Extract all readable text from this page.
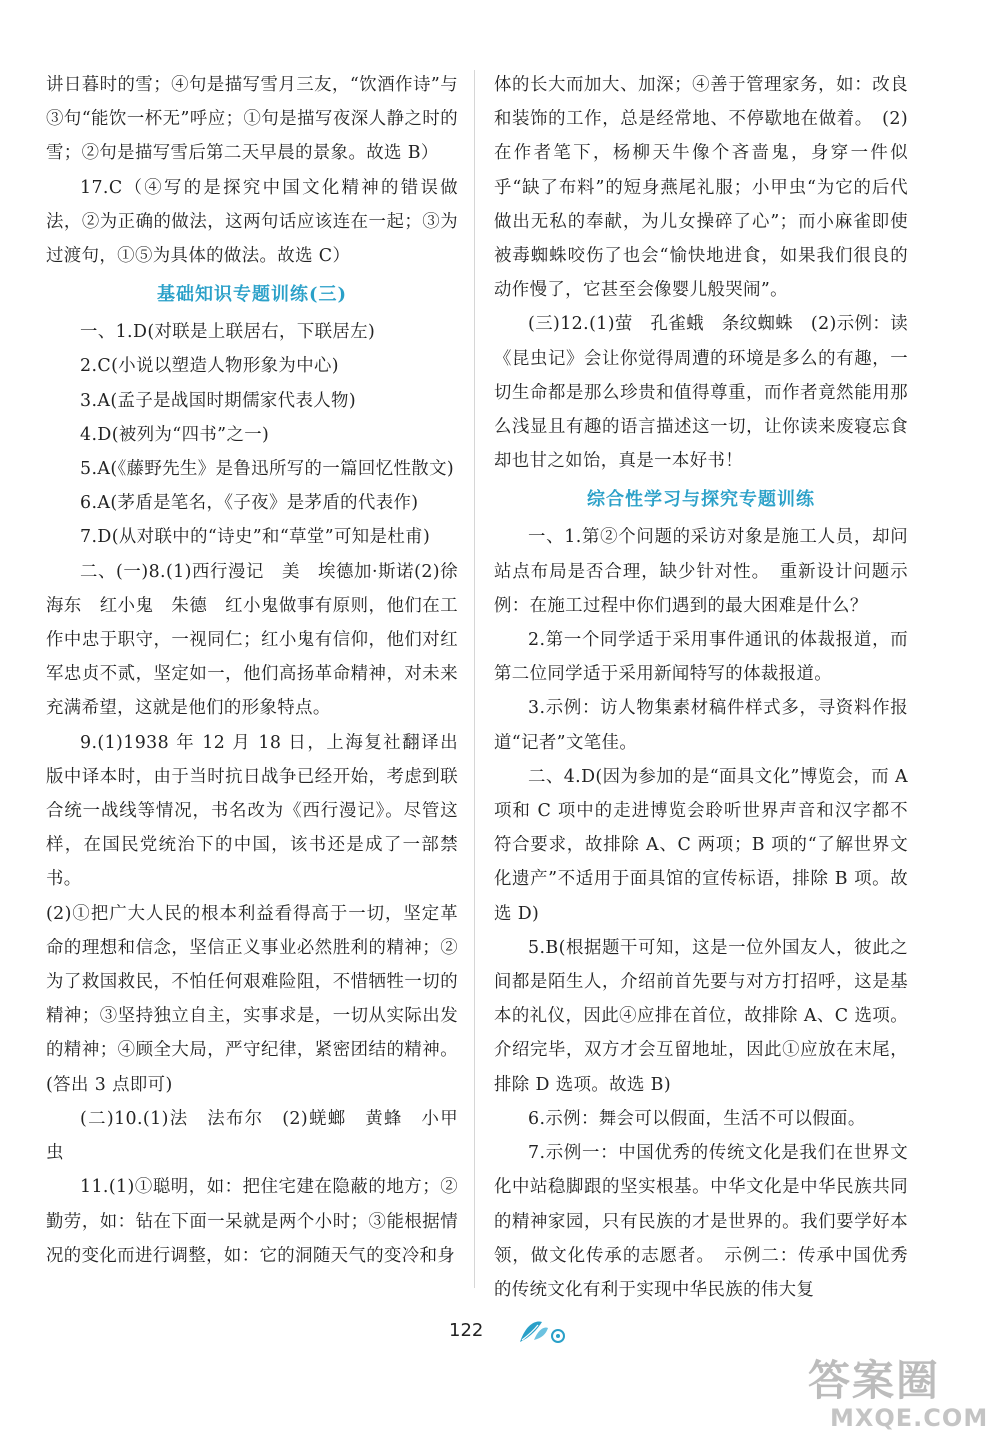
讲日暮时的雪；④句是描写雪月三友，“饮酒作诗”与③句“能饮一杯无”呼应；①句是描写夜深人静之时的雪；②句是描写雪后第二天早晨的景象。故选 B）

17.C（④写的是探究中国文化精神的错误做法，②为正确的做法，这两句话应该连在一起；③为过渡句，①⑤为具体的做法。故选 C）

基础知识专题训练(三)

一、1.D(对联是上联居右，下联居左)

2.C(小说以塑造人物形象为中心)

3.A(孟子是战国时期儒家代表人物)

4.D(被列为“四书”之一)

5.A(《藤野先生》是鲁迅所写的一篇回忆性散文)

6.A(茅盾是笔名，《子夜》是茅盾的代表作)

7.D(从对联中的“诗史”和“草堂”可知是杜甫)

二、(一)8.(1)西行漫记　美　埃德加·斯诺(2)徐海东　红小鬼　朱德　红小鬼做事有原则，他们在工作中忠于职守，一视同仁；红小鬼有信仰，他们对红军忠贞不贰，坚定如一，他们高扬革命精神，对未来充满希望，这就是他们的形象特点。

9.(1)1938 年 12 月 18 日，上海复社翻译出版中译本时，由于当时抗日战争已经开始，考虑到联合统一战线等情况，书名改为《西行漫记》。尽管这样，在国民党统治下的中国，该书还是成了一部禁书。

(2)①把广大人民的根本利益看得高于一切，坚定革命的理想和信念，坚信正义事业必然胜利的精神；②为了救国救民，不怕任何艰难险阻，不惜牺牲一切的精神；③坚持独立自主，实事求是，一切从实际出发的精神；④顾全大局，严守纪律，紧密团结的精神。(答出 3 点即可)

(二)10.(1)法　法布尔　(2)蜣螂　黄蜂　小甲虫

11.(1)①聪明，如：把住宅建在隐蔽的地方；②勤劳，如：钻在下面一呆就是两个小时；③能根据情况的变化而进行调整，如：它的洞随天气的变冷和身

体的长大而加大、加深；④善于管理家务，如：改良和装饰的工作，总是经常地、不停歇地在做着。　(2)在作者笔下，杨柳天牛像个吝啬鬼，身穿一件似乎“缺了布料”的短身燕尾礼服；小甲虫“为它的后代做出无私的奉献，为儿女操碎了心”；而小麻雀即使被毒蜘蛛咬伤了也会“愉快地进食，如果我们很良的动作慢了，它甚至会像婴儿般哭闹”。

(三)12.(1)萤　孔雀蛾　条纹蜘蛛　(2)示例：读《昆虫记》会让你觉得周遭的环境是多么的有趣，一切生命都是那么珍贵和值得尊重，而作者竟然能用那么浅显且有趣的语言描述这一切，让你读来废寝忘食却也甘之如饴，真是一本好书！

综合性学习与探究专题训练

一、1.第②个问题的采访对象是施工人员，却问站点布局是否合理，缺少针对性。　重新设计问题示例：在施工过程中你们遇到的最大困难是什么？

2.第一个同学适于采用事件通讯的体裁报道，而第二位同学适于采用新闻特写的体裁报道。

3.示例：访人物集素材稿件样式多，寻资料作报道“记者”文笔佳。

二、4.D(因为参加的是“面具文化”博览会，而 A 项和 C 项中的走进博览会聆听世界声音和汉字都不符合要求，故排除 A、C 两项；B 项的“了解世界文化遗产”不适用于面具馆的宣传标语，排除 B 项。故选 D)

5.B(根据题干可知，这是一位外国友人，彼此之间都是陌生人，介绍前首先要与对方打招呼，这是基本的礼仪，因此④应排在首位，故排除 A、C 选项。介绍完毕，双方才会互留地址，因此①应放在末尾，排除 D 选项。故选 B)

6.示例：舞会可以假面，生活不可以假面。

7.示例一：中国优秀的传统文化是我们在世界文化中站稳脚跟的坚实根基。中华文化是中华民族共同的精神家园，只有民族的才是世界的。我们要学好本领，做文化传承的志愿者。　示例二：传承中国优秀的传统文化有利于实现中华民族的伟大复

122
答案圈
MXQE.COM
